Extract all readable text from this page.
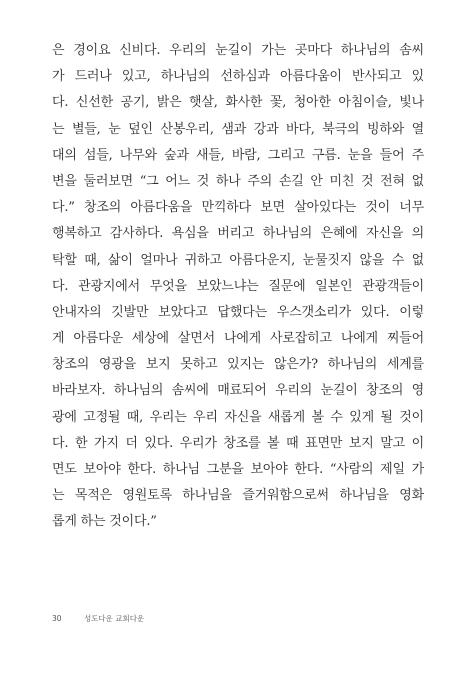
은 경이요 신비다. 우리의 눈길이 가는 곳마다 하나님의 솜씨
가 드러나 있고, 하나님의 선하심과 아름다움이 반사되고 있
다. 신선한 공기, 밝은 햇살, 화사한 꽃, 청아한 아침이슬, 빛나
는 별들, 눈 덮인 산봉우리, 샘과 강과 바다, 북극의 빙하와 열
대의 섬들, 나무와 숲과 새들, 바람, 그리고 구름. 눈을 들어 주
변을 둘러보면 “그 어느 것 하나 주의 손길 안 미친 것 전혀 없
다.” 창조의 아름다움을 만끽하다 보면 살아있다는 것이 너무
행복하고 감사하다. 욕심을 버리고 하나님의 은혜에 자신을 의
탁할 때, 삶이 얼마나 귀하고 아름다운지, 눈물짓지 않을 수 없
다. 관광지에서 무엇을 보았느냐는 질문에 일본인 관광객들이
안내자의 깃발만 보았다고 답했다는 우스갯소리가 있다. 이렇
게 아름다운 세상에 살면서 나에게 사로잡히고 나에게 찌들어
창조의 영광을 보지 못하고 있지는 않은가? 하나님의 세계를
바라보자. 하나님의 솜씨에 매료되어 우리의 눈길이 창조의 영
광에 고정될 때, 우리는 우리 자신을 새롭게 볼 수 있게 될 것이
다. 한 가지 더 있다. 우리가 창조를 볼 때 표면만 보지 말고 이
면도 보아야 한다. 하나님 그분을 보아야 한다. “사람의 제일 가
는 목적은 영원토록 하나님을 즐거워함으로써 하나님을 영화
롭게 하는 것이다.”
30	성도다운 교회다운
